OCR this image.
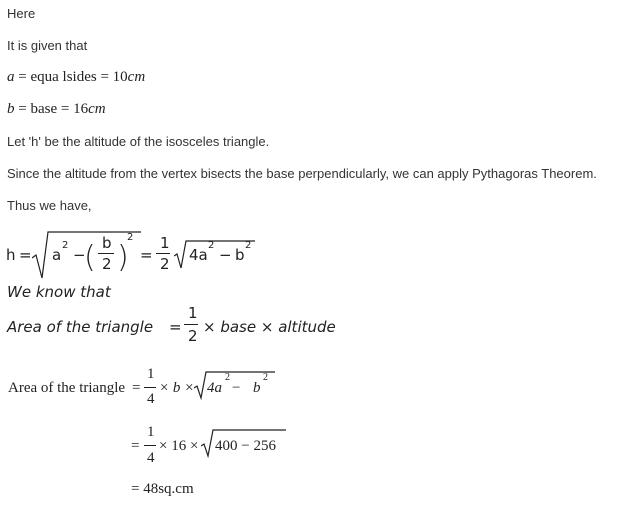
Here
It is given that
a = equa lsides = 10cm
b = base = 16cm
Let 'h' be the altitude of the isosceles triangle.
Since the altitude from the vertex bisects the base perpendicularly, we can apply Pythagoras Theorem.
Thus we have,
h = a
2
−
( b
2 )
2
=
1
2 4a
2
− b
2
We know that
Area of the triangle =
1
2 × base × altitude
Area of the triangle =
1
4
× b × 4a
2
− b
2
=
1
4
× 16 × 400 − 256
= 48sq.cm
